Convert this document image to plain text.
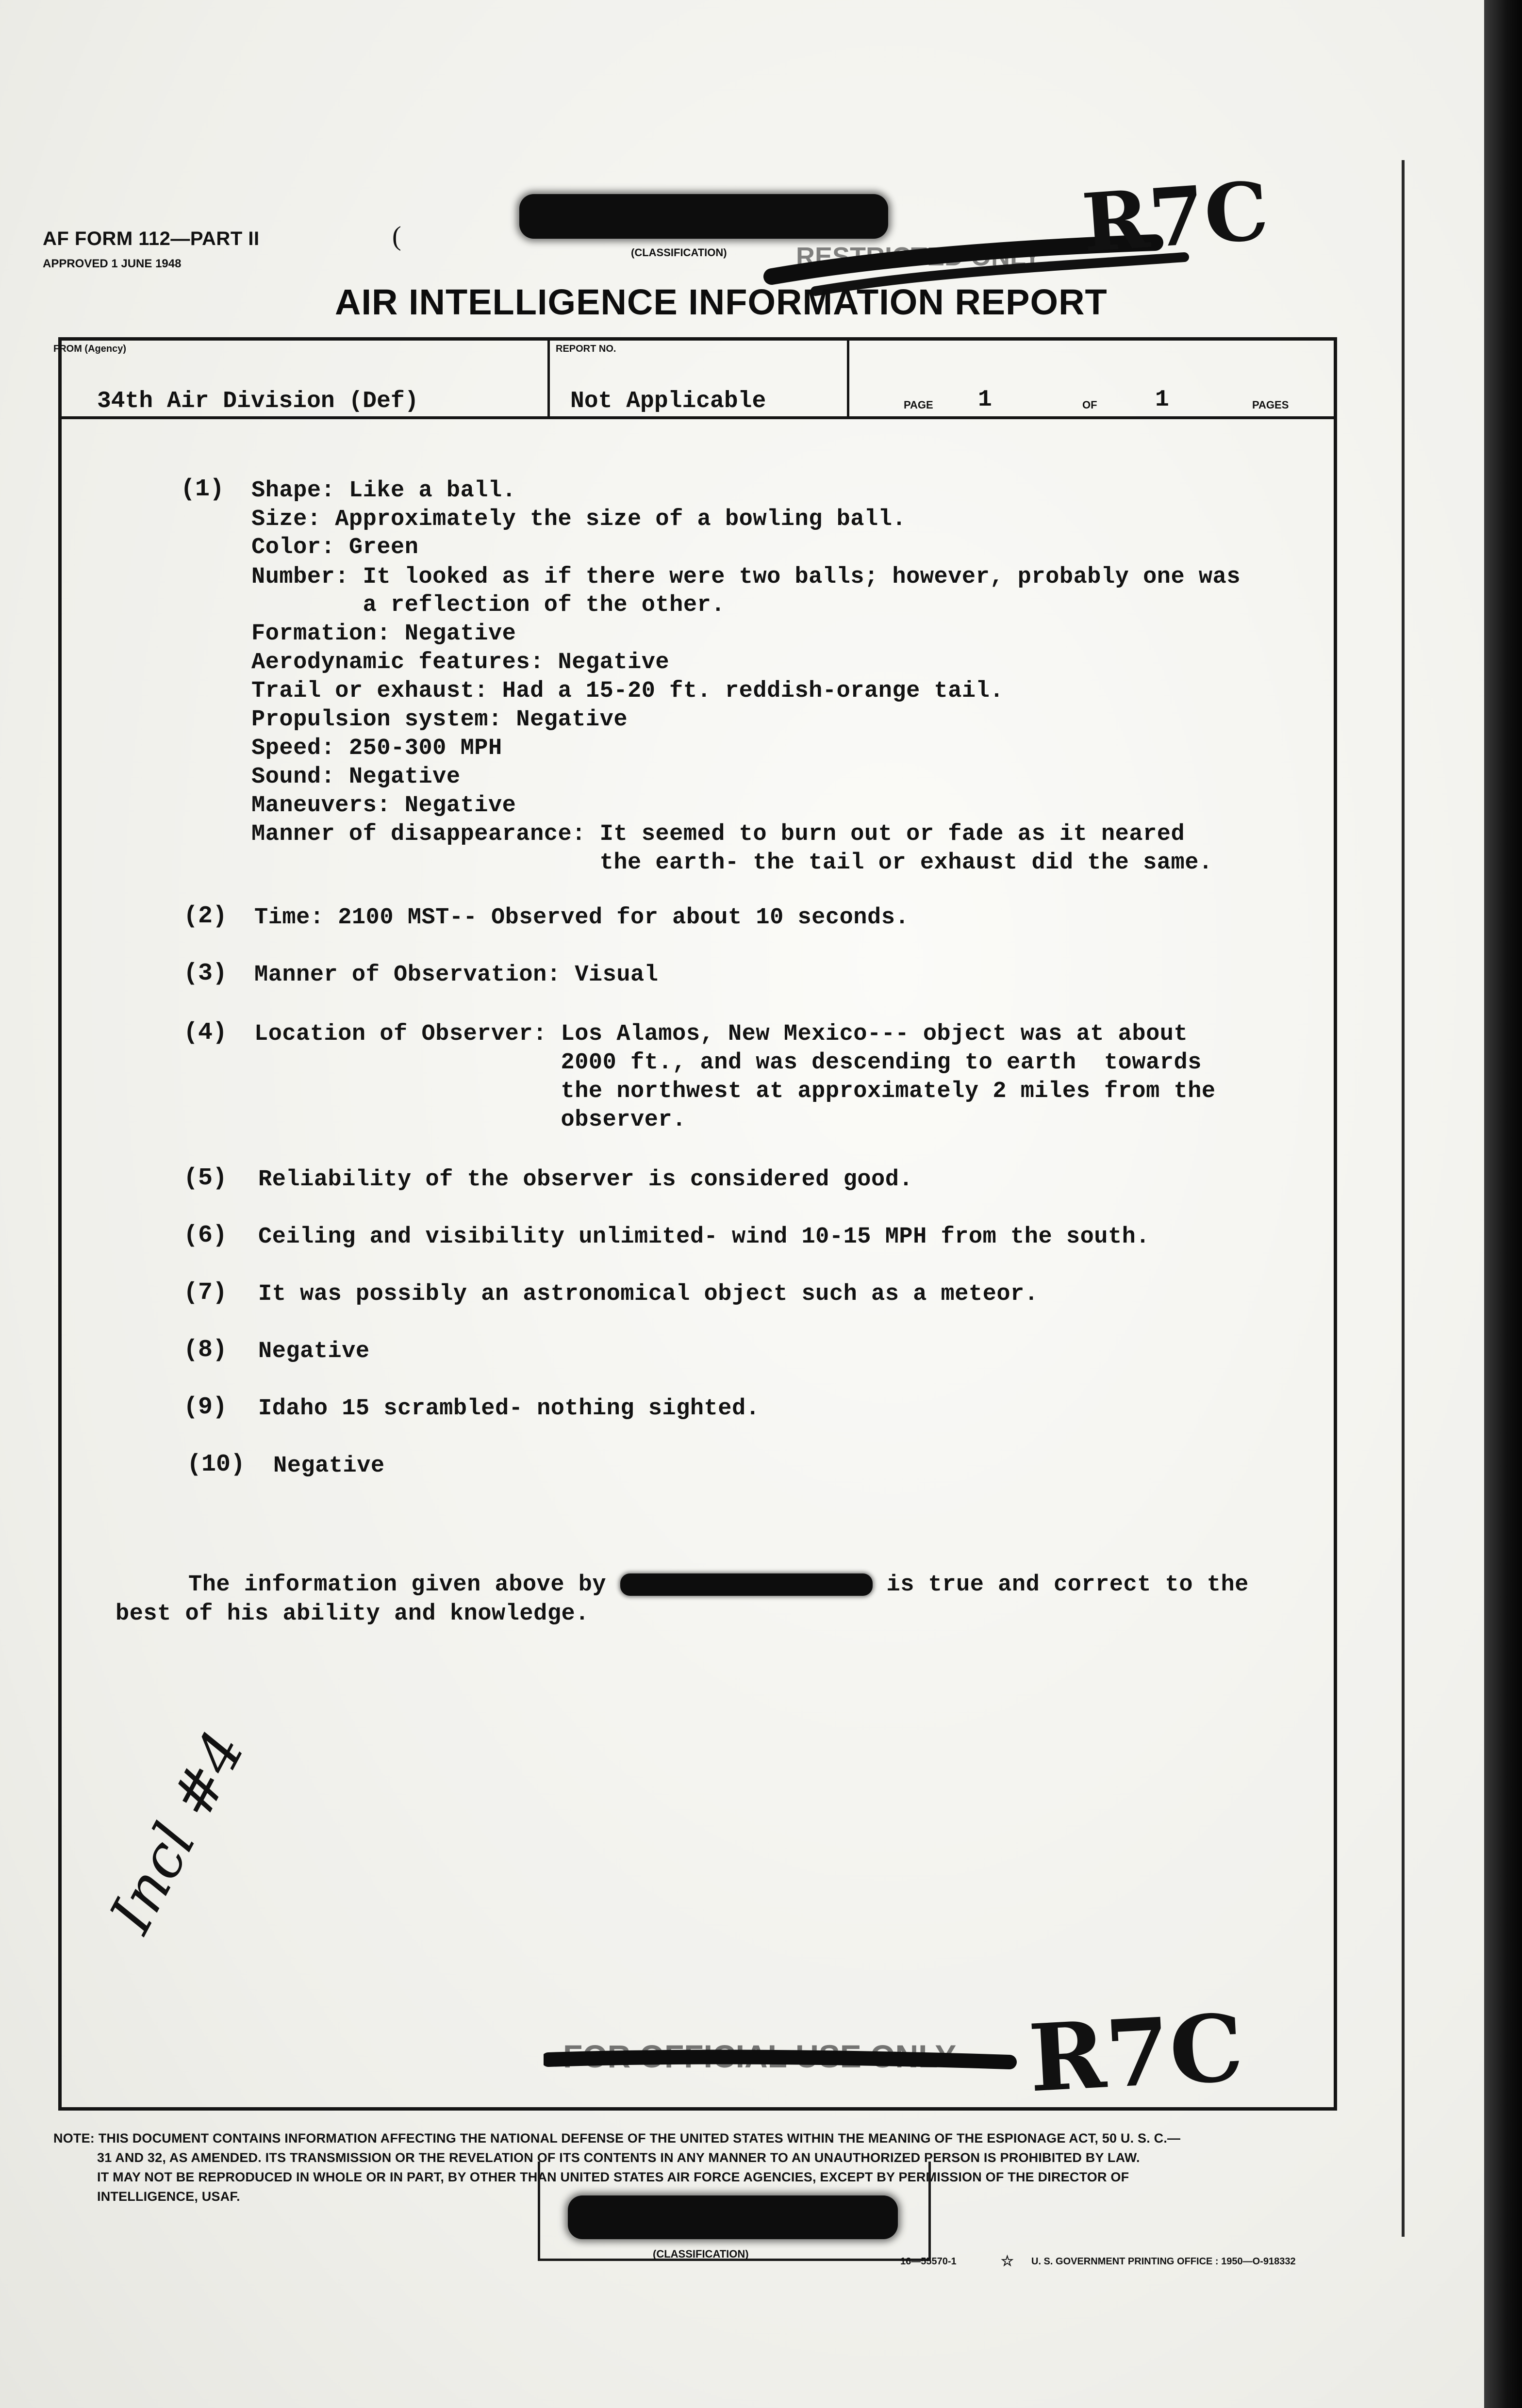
AF FORM 112—PART II
APPROVED 1 JUNE 1948
(
(CLASSIFICATION)	RESTRICTED ONLY R7C
AIR INTELLIGENCE INFORMATION REPORT
FROM (Agency)
34th Air Division (Def)
REPORT NO.
Not Applicable	PAGE 1	OF 1	PAGES
(1) Shape: Like a ball.
Size: Approximately the size of a bowling ball.
Color: Green
Number: It looked as if there were two balls; however, probably one was
a reflection of the other.
Formation: Negative
Aerodynamic features: Negative
Trail or exhaust: Had a 15-20 ft. reddish-orange tail.
Propulsion system: Negative
Speed: 250-300 MPH
Sound: Negative
Maneuvers: Negative
Manner of disappearance: It seemed to burn out or fade as it neared
the earth- the tail or exhaust did the same.
(2) Time: 2100 MST-- Observed for about 10 seconds.
(3) Manner of Observation: Visual
(4) Location of Observer: Los Alamos, New Mexico--- object was at about
2000 ft., and was descending to earth  towards
the northwest at approximately 2 miles from the
observer.
(5) Reliability of the observer is considered good.
(6) Ceiling and visibility unlimited- wind 10-15 MPH from the south.
(7) It was possibly an astronomical object such as a meteor.
(8) Negative
(9) Idaho 15 scrambled- nothing sighted.
(10) Negative
The information given above by	is true and correct to the
best of his ability and knowledge.
Incl #4
FOR OFFICIAL USE ONLY R7C
NOTE: THIS DOCUMENT CONTAINS INFORMATION AFFECTING THE NATIONAL DEFENSE OF THE UNITED STATES WITHIN THE MEANING OF THE ESPIONAGE ACT, 50 U. S. C.—
31 AND 32, AS AMENDED. ITS TRANSMISSION OR THE REVELATION OF ITS CONTENTS IN ANY MANNER TO AN UNAUTHORIZED PERSON IS PROHIBITED BY LAW.
IT MAY NOT BE REPRODUCED IN WHOLE OR IN PART, BY OTHER THAN UNITED STATES AIR FORCE AGENCIES, EXCEPT BY PERMISSION OF THE DIRECTOR OF
INTELLIGENCE, USAF.
(CLASSIFICATION)
16—55570-1	☆ U. S. GOVERNMENT PRINTING OFFICE : 1950—O-918332
